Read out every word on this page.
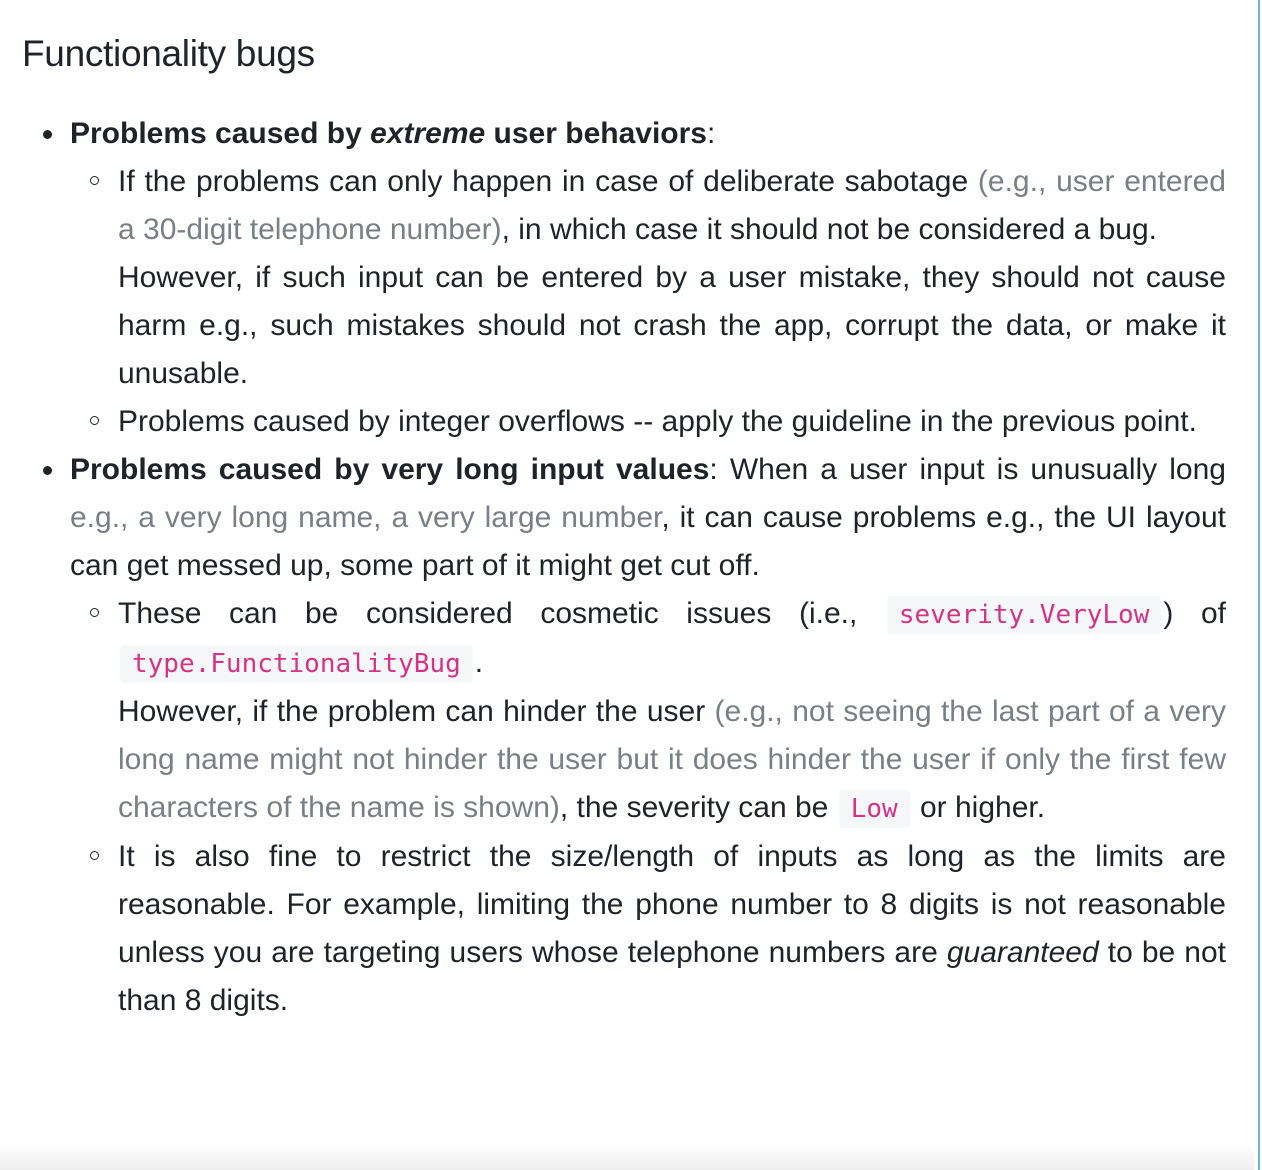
Functionality bugs
Problems caused by extreme user behaviors:
If the problems can only happen in case of deliberate sabotage (e.g., user entered a 30-digit telephone number), in which case it should not be considered a bug.
However, if such input can be entered by a user mistake, they should not cause harm e.g., such mistakes should not crash the app, corrupt the data, or make it unusable.
Problems caused by integer overflows -- apply the guideline in the previous point.
Problems caused by very long input values: When a user input is unusually long e.g., a very long name, a very large number, it can cause problems e.g., the UI layout can get messed up, some part of it might get cut off.
These can be considered cosmetic issues (i.e., severity.VeryLow ) of type.FunctionalityBug .
However, if the problem can hinder the user (e.g., not seeing the last part of a very long name might not hinder the user but it does hinder the user if only the first few characters of the name is shown), the severity can be Low or higher.
It is also fine to restrict the size/length of inputs as long as the limits are reasonable. For example, limiting the phone number to 8 digits is not reasonable unless you are targeting users whose telephone numbers are guaranteed to be not than 8 digits.
